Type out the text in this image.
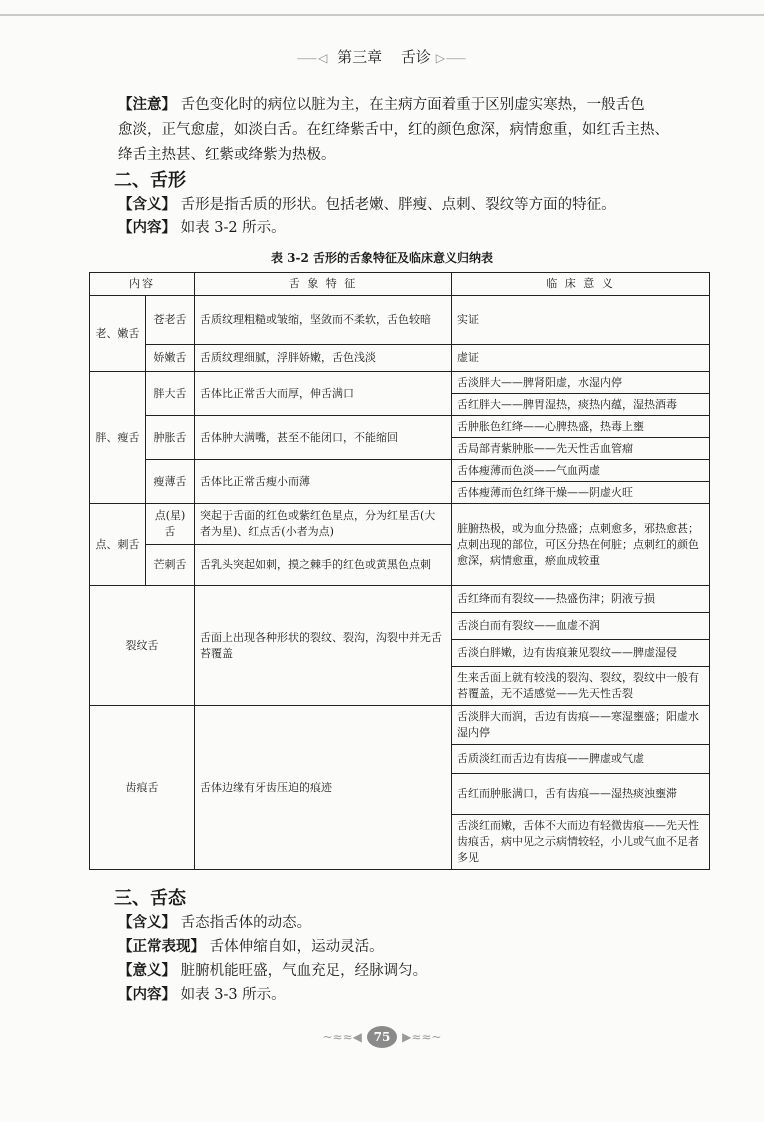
⸺◁ 第三章 舌诊 ▷⸺
【注意】 舌色变化时的病位以脏为主，在主病方面着重于区别虚实寒热，一般舌色
愈淡，正气愈虚，如淡白舌。在红绛紫舌中，红的颜色愈深，病情愈重，如红舌主热、
绛舌主热甚、红紫或绛紫为热极。
二、舌形
【含义】 舌形是指舌质的形状。包括老嫩、胖瘦、点刺、裂纹等方面的特征。
【内容】 如表 3-2 所示。
表 3-2 舌形的舌象特征及临床意义归纳表
内容		舌 象 特 征	临 床 意 义
老、嫩舌	苍老舌	舌质纹理粗糙或皱缩，坚敛而不柔软，舌色较暗	实证
	娇嫩舌	舌质纹理细腻，浮胖娇嫩，舌色浅淡	虚证
胖、瘦舌	胖大舌	舌体比正常舌大而厚，伸舌满口	舌淡胖大——脾肾阳虚，水湿内停
			舌红胖大——脾胃湿热，痰热内蕴，湿热酒毒
	肿胀舌	舌体肿大满嘴，甚至不能闭口，不能缩回	舌肿胀色红绛——心脾热盛，热毒上壅
			舌局部青紫肿胀——先天性舌血管瘤
	瘦薄舌	舌体比正常舌瘦小而薄	舌体瘦薄而色淡——气血两虚
			舌体瘦薄而色红绛干燥——阴虚火旺
点、刺舌	点(星)舌	突起于舌面的红色或紫红色星点，分为红星舌(大者为星)、红点舌(小者为点)	脏腑热极，或为血分热盛；点刺愈多，邪热愈甚；点刺出现的部位，可区分热在何脏；点刺红的颜色愈深，病情愈重，瘀血成较重
	芒刺舌	舌乳头突起如刺，摸之棘手的红色或黄黑色点刺	
裂纹舌		舌面上出现各种形状的裂纹、裂沟，沟裂中并无舌苔覆盖	舌红绛而有裂纹——热盛伤津；阴液亏损
			舌淡白而有裂纹——血虚不润
			舌淡白胖嫩，边有齿痕兼见裂纹——脾虚湿侵
			生来舌面上就有较浅的裂沟、裂纹，裂纹中一般有苔覆盖，无不适感觉——先天性舌裂
齿痕舌		舌体边缘有牙齿压迫的痕迹	舌淡胖大而润，舌边有齿痕——寒湿壅盛；阳虚水湿内停
			舌质淡红而舌边有齿痕——脾虚或气虚
			舌红而肿胀满口，舌有齿痕——湿热痰浊壅滞
			舌淡红而嫩，舌体不大而边有轻微齿痕——先天性齿痕舌，病中见之示病情较轻，小儿或气血不足者多见
三、舌态
【含义】 舌态指舌体的动态。
【正常表现】 舌体伸缩自如，运动灵活。
【意义】 脏腑机能旺盛，气血充足，经脉调匀。
【内容】 如表 3-3 所示。
~≈≈◀ 75 ▶≈≈~
